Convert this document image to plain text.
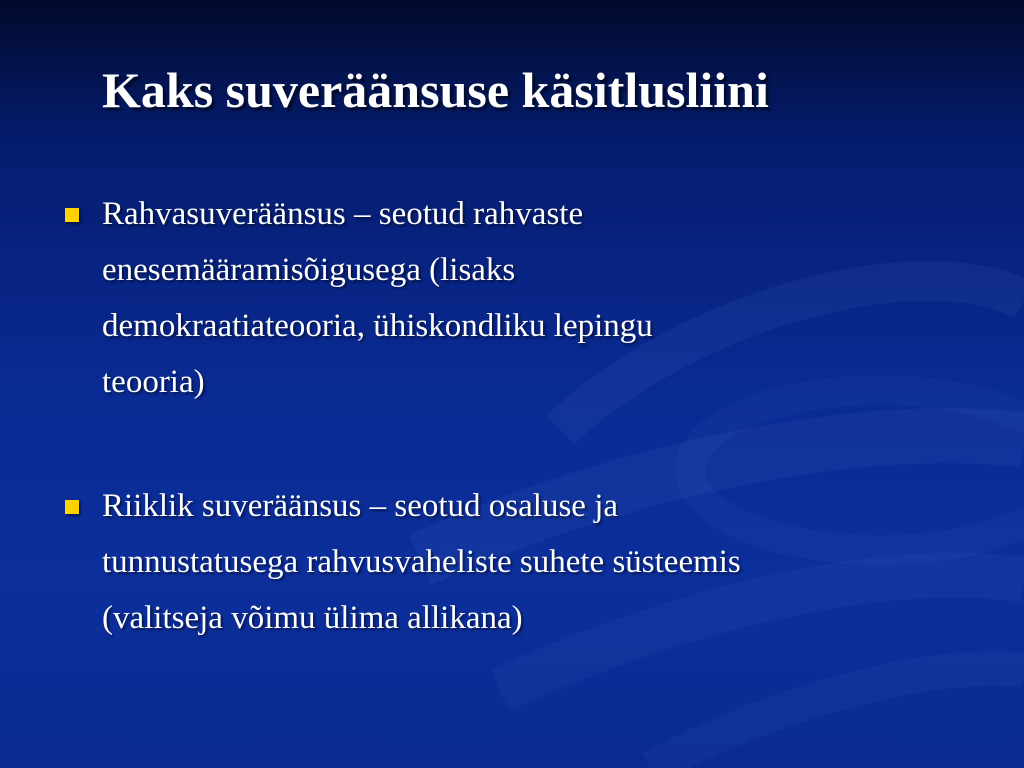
Kaks suveräänsuse käsitlusliini
Rahvasuveräänsus – seotud rahvaste
enesemääramisõigusega (lisaks
demokraatiateooria, ühiskondliku lepingu
teooria)
Riiklik suveräänsus – seotud osaluse ja
tunnustatusega rahvusvaheliste suhete süsteemis
(valitseja võimu ülima allikana)
